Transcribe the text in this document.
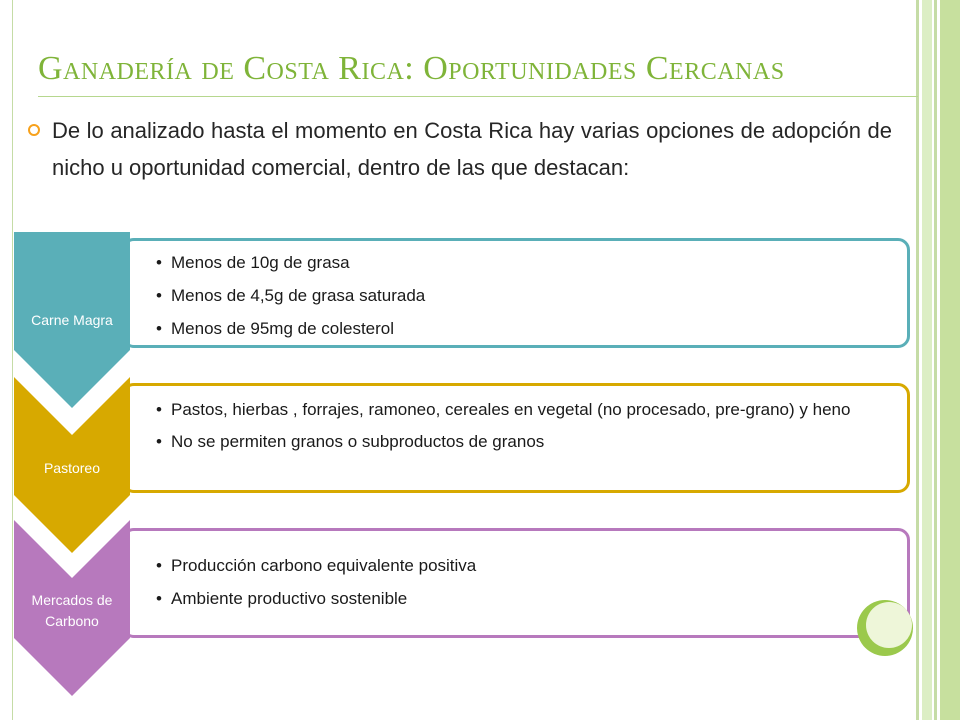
Ganadería de Costa Rica: Oportunidades Cercanas

De lo analizado hasta el momento en Costa Rica hay varias opciones de adopción de nicho u oportunidad comercial, dentro de las que destacan:

• Menos de 10g de grasa
• Menos de 4,5g de grasa saturada
• Menos de 95mg de colesterol
Carne Magra
• Pastos, hierbas , forrajes, ramoneo, cereales en vegetal (no procesado, pre-grano) y heno
• No se permiten granos o subproductos de granos
Pastoreo
• Producción carbono equivalente positiva
• Ambiente productivo sostenible
Mercados de Carbono
